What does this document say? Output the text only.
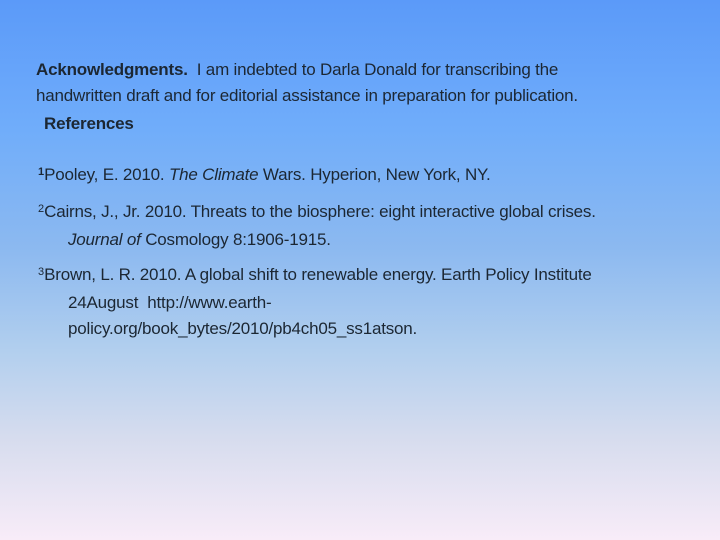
Acknowledgments.  I am indebted to Darla Donald for transcribing the
handwritten draft and for editorial assistance in preparation for publication.

References
$^1$Pooley, E. 2010. The Climate Wars. Hyperion, New York, NY.
$^2$Cairns, J., Jr. 2010. Threats to the biosphere: eight interactive global crises.
Journal of Cosmology 8:1906-1915.
$^3$Brown, L. R. 2010. A global shift to renewable energy. Earth Policy Institute
24August  http://www.earth-
policy.org/book_bytes/2010/pb4ch05_ss1atson.
